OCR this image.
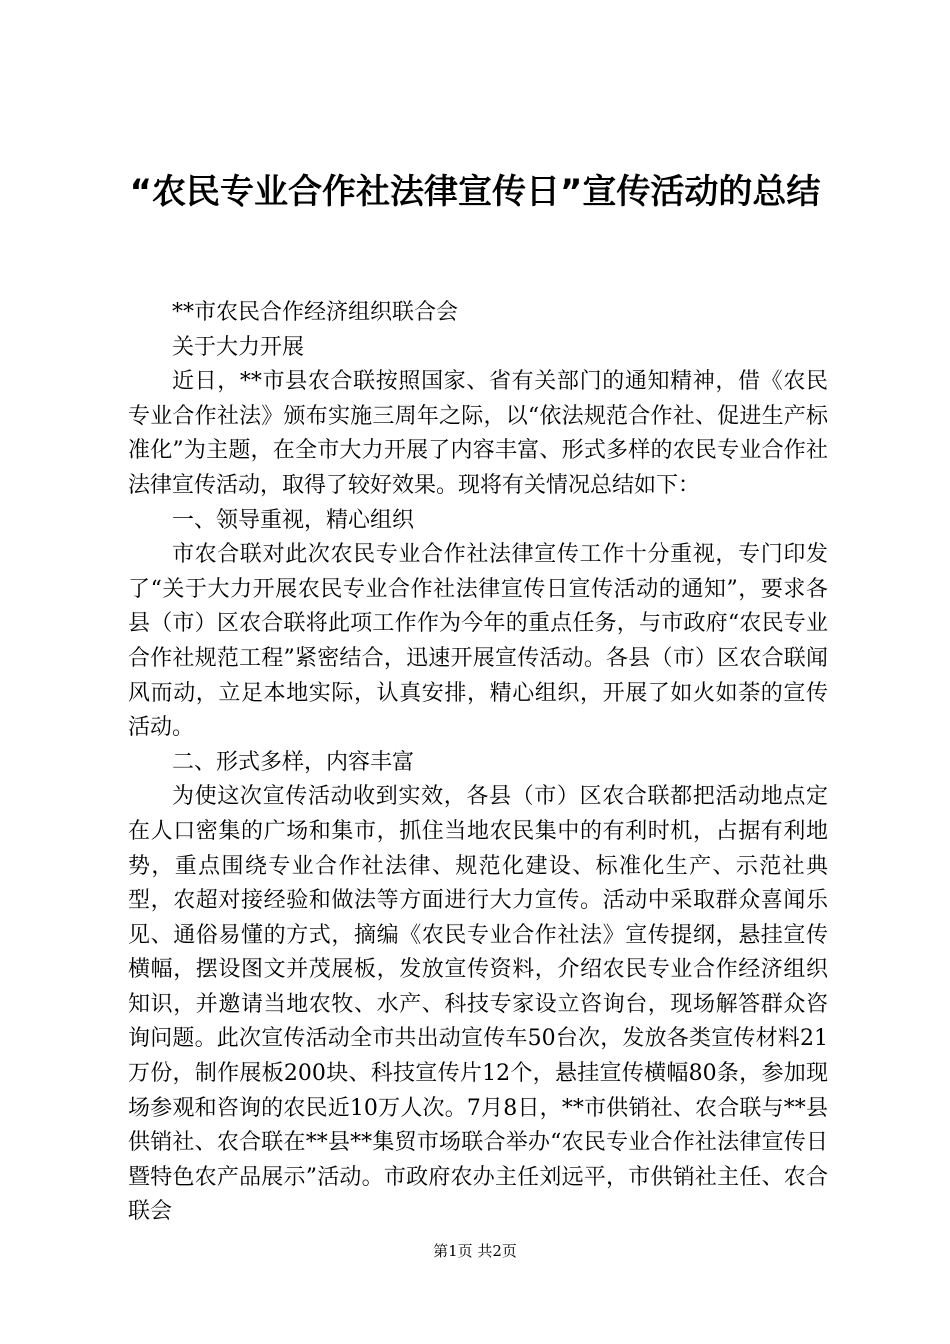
“农民专业合作社法律宣传日”宣传活动的总结

**市农民合作经济组织联合会

关于大力开展

近日，**市县农合联按照国家、省有关部门的通知精神，借《农民专业合作社法》颁布实施三周年之际，以“依法规范合作社、促进生产标准化”为主题，在全市大力开展了内容丰富、形式多样的农民专业合作社法律宣传活动，取得了较好效果。现将有关情况总结如下：

一、领导重视，精心组织

市农合联对此次农民专业合作社法律宣传工作十分重视，专门印发了“关于大力开展农民专业合作社法律宣传日宣传活动的通知”，要求各县（市）区农合联将此项工作作为今年的重点任务，与市政府“农民专业合作社规范工程”紧密结合，迅速开展宣传活动。各县（市）区农合联闻风而动，立足本地实际，认真安排，精心组织，开展了如火如荼的宣传活动。

二、形式多样，内容丰富

为使这次宣传活动收到实效，各县（市）区农合联都把活动地点定在人口密集的广场和集市，抓住当地农民集中的有利时机，占据有利地势，重点围绕专业合作社法律、规范化建设、标准化生产、示范社典型，农超对接经验和做法等方面进行大力宣传。活动中采取群众喜闻乐见、通俗易懂的方式，摘编《农民专业合作社法》宣传提纲，悬挂宣传横幅，摆设图文并茂展板，发放宣传资料，介绍农民专业合作经济组织知识，并邀请当地农牧、水产、科技专家设立咨询台，现场解答群众咨询问题。此次宣传活动全市共出动宣传车50台次，发放各类宣传材料21万份，制作展板200块、科技宣传片12个，悬挂宣传横幅80条，参加现场参观和咨询的农民近10万人次。7月8日，**市供销社、农合联与**县供销社、农合联在**县**集贸市场联合举办“农民专业合作社法律宣传日暨特色农产品展示”活动。市政府农办主任刘远平，市供销社主任、农合联会

第1页 共2页
